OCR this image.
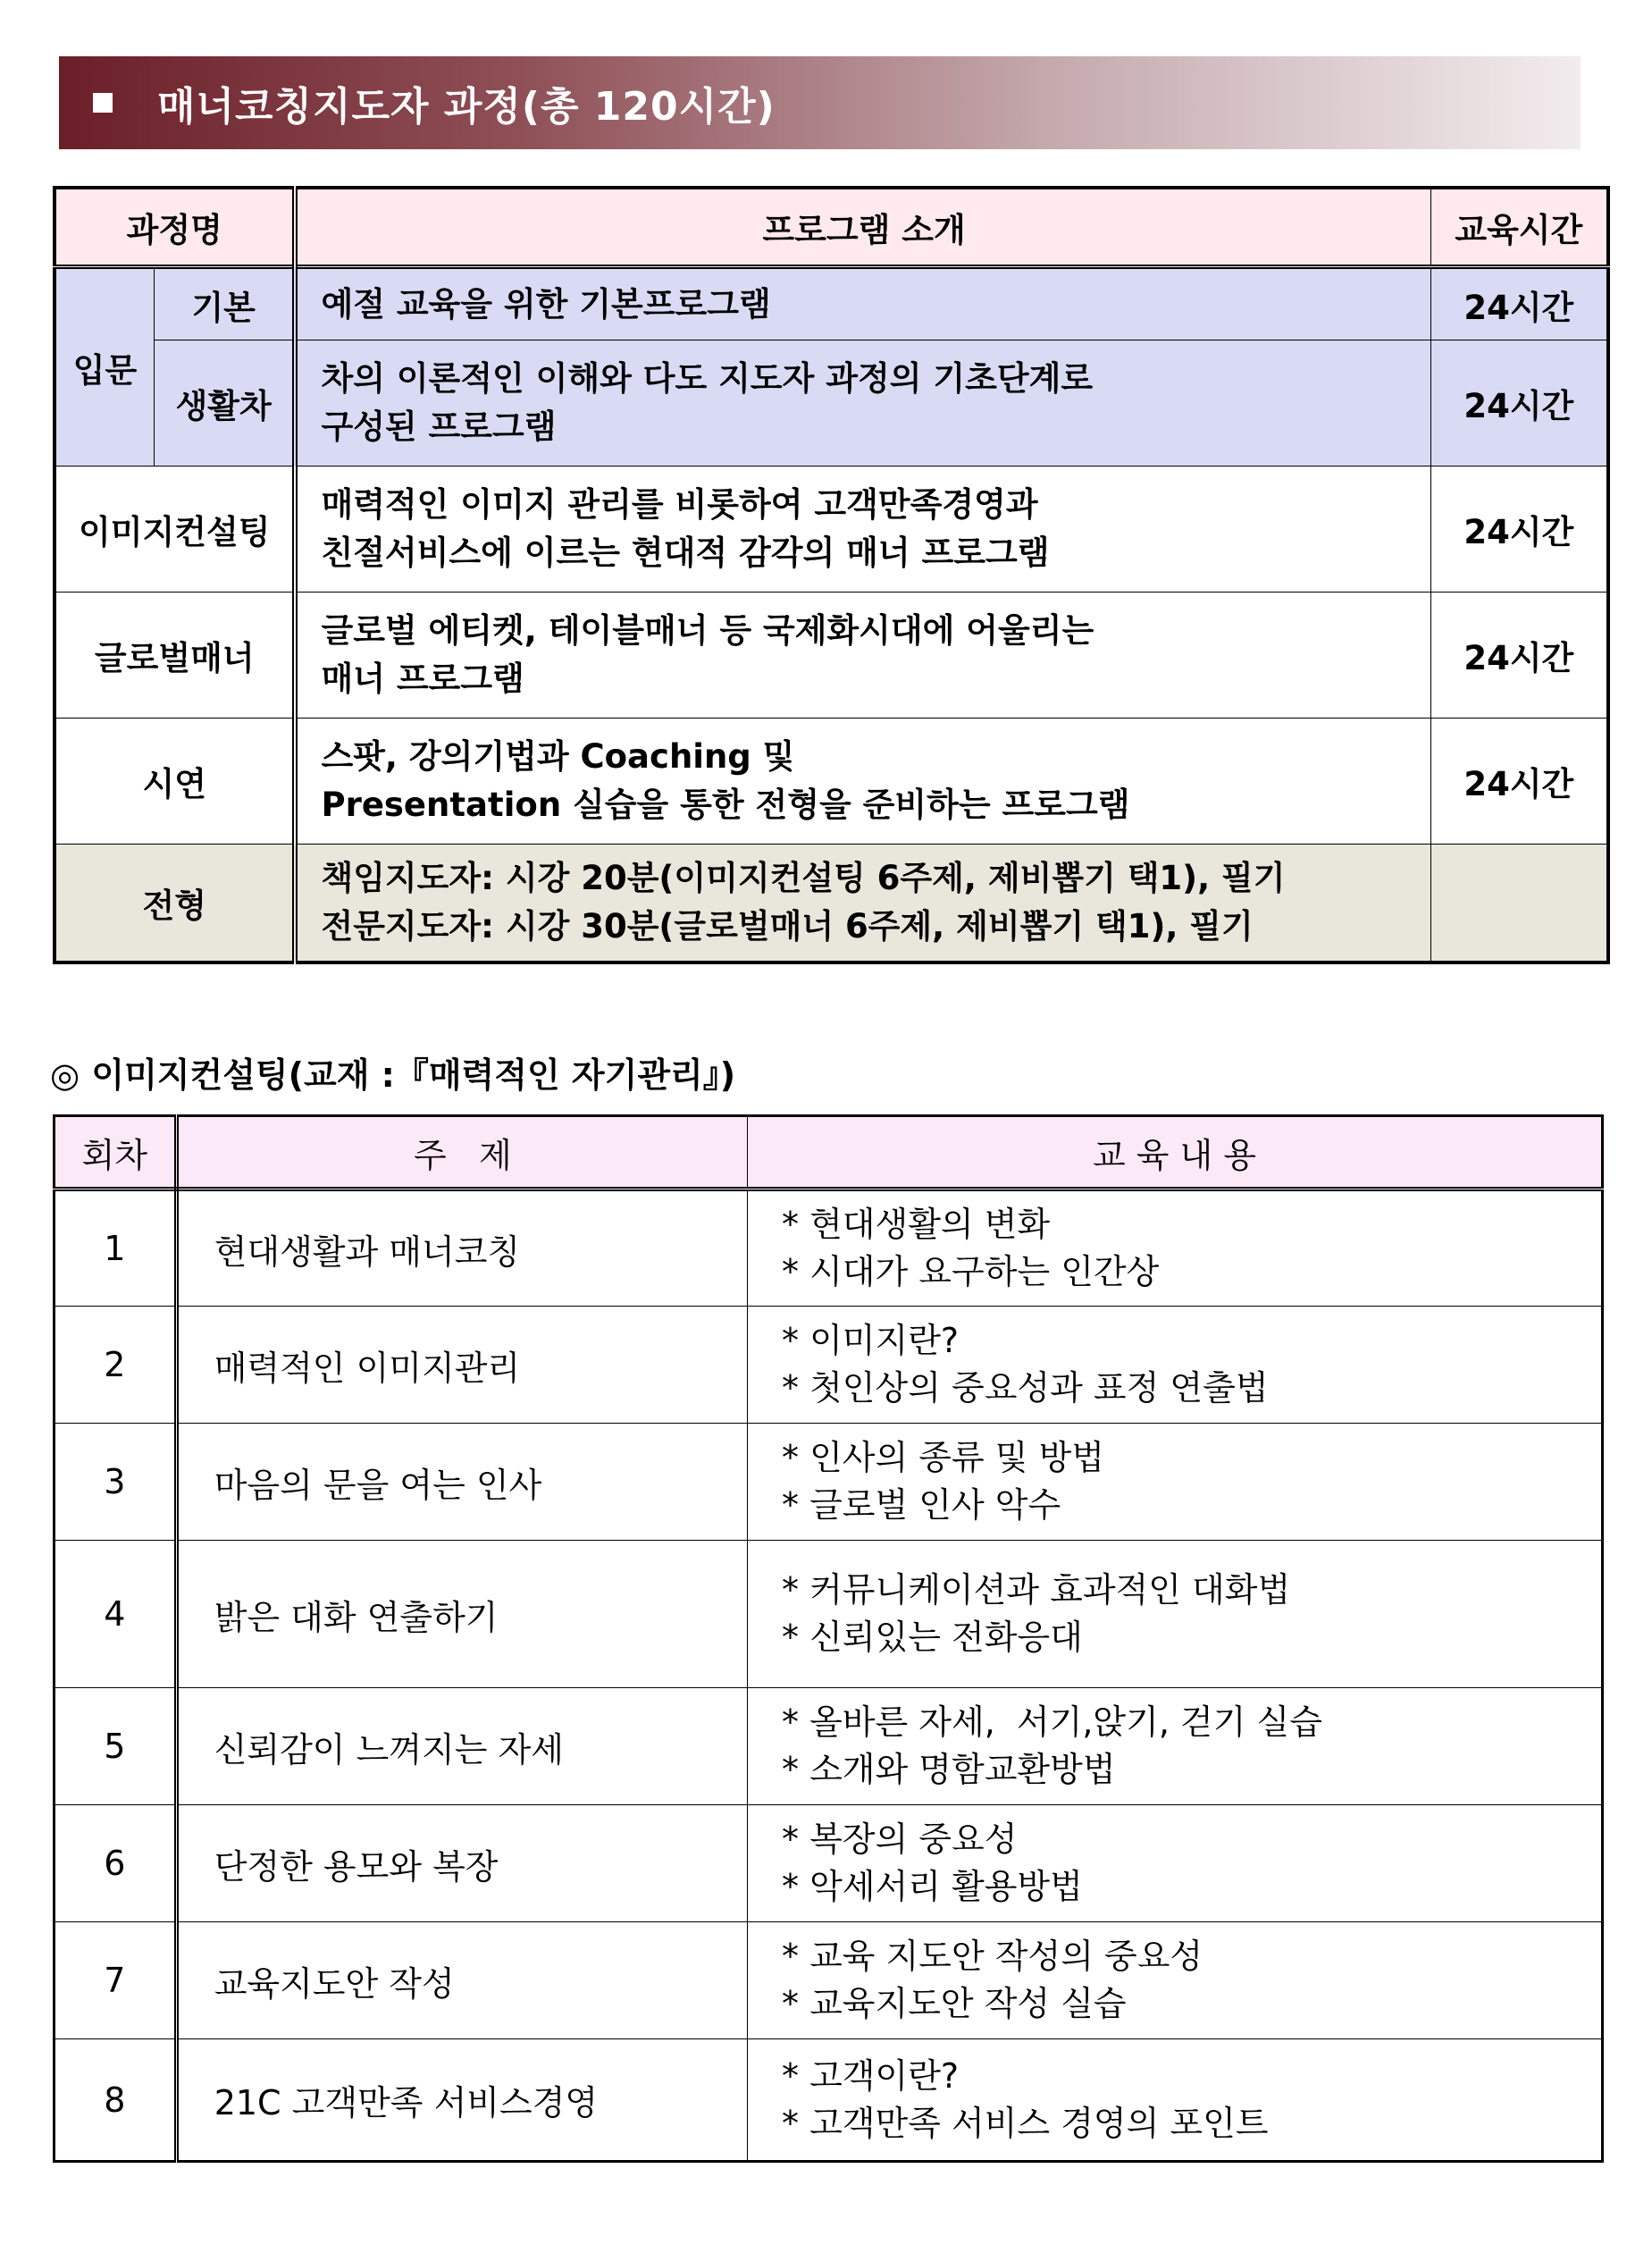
매너코칭지도자 과정(총 120시간)
과정명		프로그램 소개	교육시간
입문	기본	예절 교육을 위한 기본프로그램	24시간
	생활차	차의 이론적인 이해와 다도 지도자 과정의 기초단계로
구성된 프로그램	24시간
이미지컨설팅		매력적인 이미지 관리를 비롯하여 고객만족경영과
친절서비스에 이르는 현대적 감각의 매너 프로그램	24시간
글로벌매너		글로벌 에티켓, 테이블매너 등 국제화시대에 어울리는
매너 프로그램	24시간
시연		스팟, 강의기법과 Coaching 및
Presentation 실습을 통한 전형을 준비하는 프로그램	24시간
전형		책임지도자: 시강 20분(이미지컨설팅 6주제, 제비뽑기 택1), 필기
전문지도자: 시강 30분(글로벌매너 6주제, 제비뽑기 택1), 필기	

◎ 이미지컨설팅(교재 :『매력적인 자기관리』)
회차	주   제	교 육 내 용
1	현대생활과 매너코칭	* 현대생활의 변화
* 시대가 요구하는 인간상

2	매력적인 이미지관리	* 이미지란?
* 첫인상의 중요성과 표정 연출법

3	마음의 문을 여는 인사	* 인사의 종류 및 방법
* 글로벌 인사 악수

4	밝은 대화 연출하기	* 커뮤니케이션과 효과적인 대화법
* 신뢰있는 전화응대

5	신뢰감이 느껴지는 자세	* 올바른 자세,  서기,앉기, 걷기 실습
* 소개와 명함교환방법

6	단정한 용모와 복장	* 복장의 중요성
* 악세서리 활용방법

7	교육지도안 작성	* 교육 지도안 작성의 중요성
* 교육지도안 작성 실습

8	21C 고객만족 서비스경영	* 고객이란?
* 고객만족 서비스 경영의 포인트
